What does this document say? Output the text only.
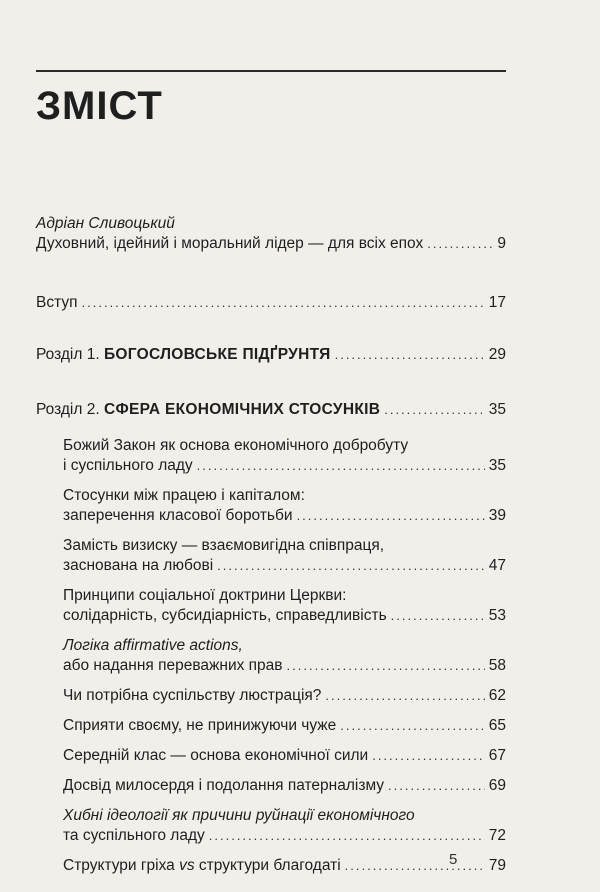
ЗМІСТ
Адріан Сливоцький
Духовний, ідейний і моральний лідер — для всіх епох .....	9
Вступ .....	17
Розділ 1. БОГОСЛОВСЬКЕ ПІДҐРУНТЯ .....	29
Розділ 2. СФЕРА ЕКОНОМІЧНИХ СТОСУНКІВ .....	35
Божий Закон як основа економічного добробуту
і суспільного ладу .....	35
Стосунки між працею і капіталом:
заперечення класової боротьби .....	39
Замість визиску — взаємовигідна співпраця,
заснована на любові .....	47
Принципи соціальної доктрини Церкви:
солідарність, субсидіарність, справедливість .....	53
Логіка affirmative actions,
або надання переважних прав .....	58
Чи потрібна суспільству люстрація? .....	62
Сприяти своєму, не принижуючи чуже .....	65
Середній клас — основа економічної сили .....	67
Досвід милосердя і подолання патерналізму .....	69
Хибні ідеології як причини руйнації економічного
та суспільного ладу .....	72
Структури гріха vs структури благодаті .....	79
5
